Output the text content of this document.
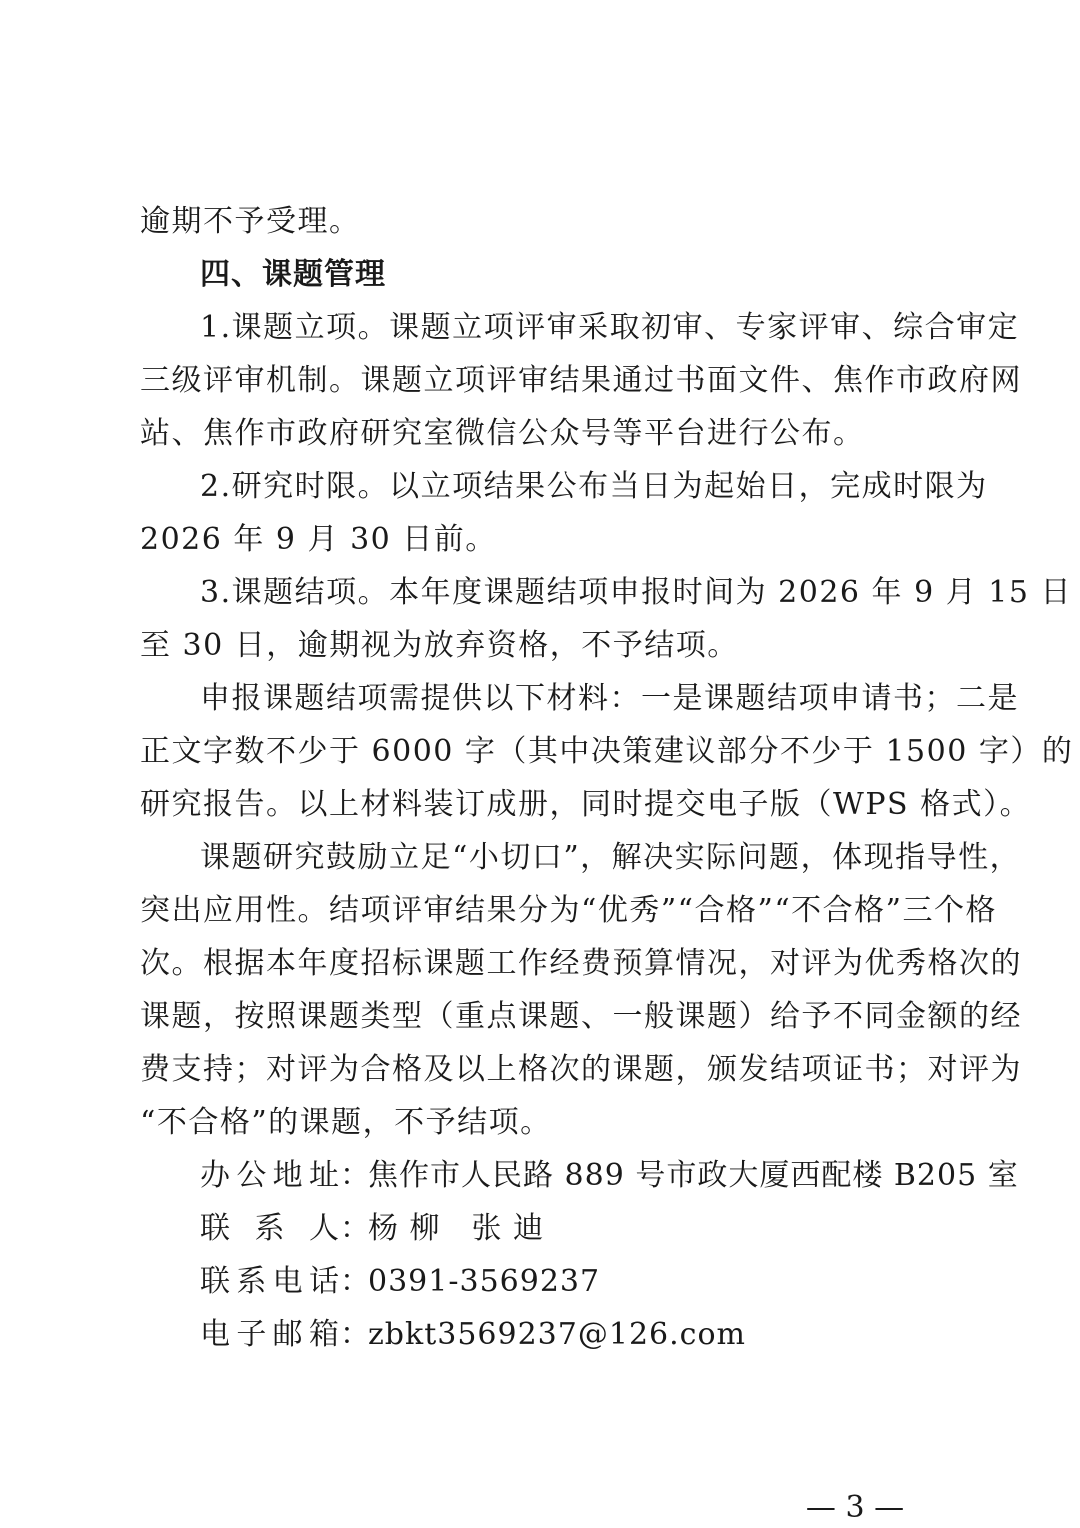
逾期不予受理。
四、课题管理
1.课题立项。课题立项评审采取初审、专家评审、综合审定
三级评审机制。课题立项评审结果通过书面文件、焦作市政府网
站、焦作市政府研究室微信公众号等平台进行公布。
2.研究时限。以立项结果公布当日为起始日，完成时限为
2026 年 9 月 30 日前。
3.课题结项。本年度课题结项申报时间为 2026 年 9 月 15 日
至 30 日，逾期视为放弃资格，不予结项。
申报课题结项需提供以下材料：一是课题结项申请书；二是
正文字数不少于 6000 字（其中决策建议部分不少于 1500 字）的
研究报告。以上材料装订成册，同时提交电子版（WPS 格式）。
课题研究鼓励立足“小切口”，解决实际问题，体现指导性，
突出应用性。结项评审结果分为“优秀”“合格”“不合格”三个格
次。根据本年度招标课题工作经费预算情况，对评为优秀格次的
课题，按照课题类型（重点课题、一般课题）给予不同金额的经
费支持；对评为合格及以上格次的课题，颁发结项证书；对评为
“不合格”的课题，不予结项。
办公地址：焦作市人民路 889 号市政大厦西配楼 B205 室
联系人：杨 柳　张 迪
联系电话：0391-3569237
电子邮箱：zbkt3569237@126.com
— 3 —
